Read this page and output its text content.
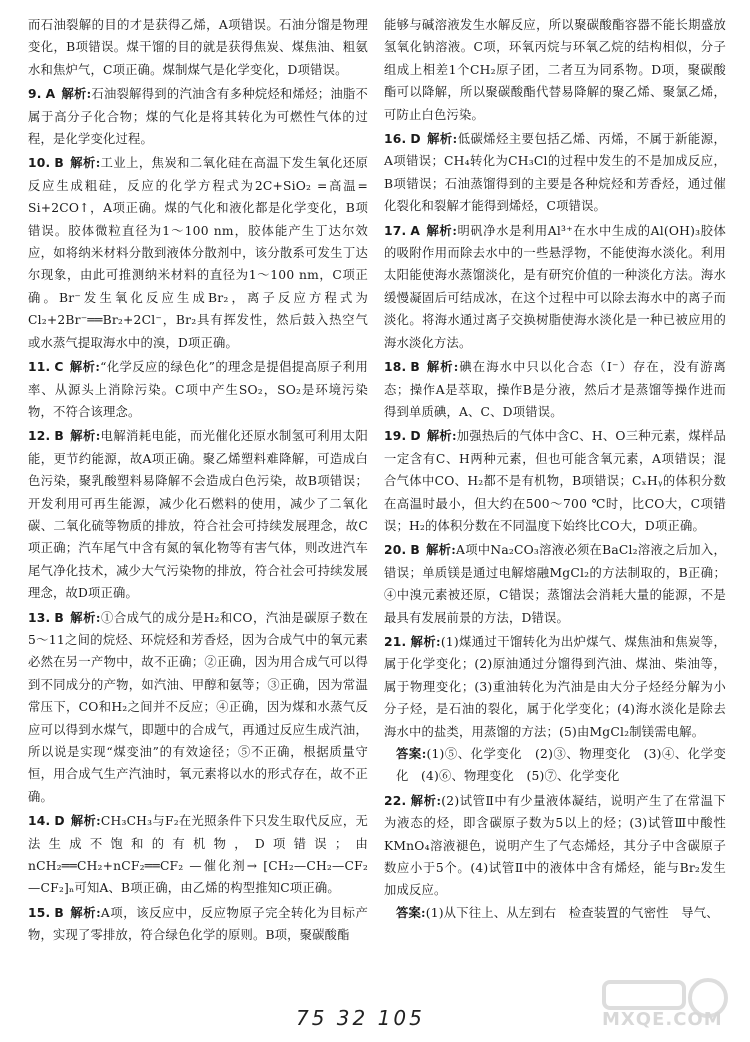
而石油裂解的目的才是获得乙烯，A项错误。石油分馏是物理变化，B项错误。煤干馏的目的就是获得焦炭、煤焦油、粗氨水和焦炉气，C项正确。煤制煤气是化学变化，D项错误。
9. A 解析:石油裂解得到的汽油含有多种烷烃和烯烃；油脂不属于高分子化合物；煤的气化是将其转化为可燃性气体的过程，是化学变化过程。
10. B 解析:工业上，焦炭和二氧化硅在高温下发生氧化还原反应生成粗硅，反应的化学方程式为2C+SiO₂ =高温= Si+2CO↑，A项正确。煤的气化和液化都是化学变化，B项错误。胶体微粒直径为1～100 nm，胶体能产生丁达尔效应，如将纳米材料分散到液体分散剂中，该分散系可发生丁达尔现象，由此可推测纳米材料的直径为1～100 nm，C项正确。Br⁻发生氧化反应生成Br₂，离子反应方程式为Cl₂+2Br⁻══Br₂+2Cl⁻，Br₂具有挥发性，然后鼓入热空气或水蒸气提取海水中的溴，D项正确。
11. C 解析:“化学反应的绿色化”的理念是提倡提高原子利用率、从源头上消除污染。C项中产生SO₂，SO₂是环境污染物，不符合该理念。
12. B 解析:电解消耗电能，而光催化还原水制氢可利用太阳能，更节约能源，故A项正确。聚乙烯塑料难降解，可造成白色污染，聚乳酸塑料易降解不会造成白色污染，故B项错误；开发利用可再生能源，减少化石燃料的使用，减少了二氧化碳、二氧化硫等物质的排放，符合社会可持续发展理念，故C项正确；汽车尾气中含有氮的氧化物等有害气体，则改进汽车尾气净化技术，减少大气污染物的排放，符合社会可持续发展理念，故D项正确。
13. B 解析:①合成气的成分是H₂和CO，汽油是碳原子数在5～11之间的烷烃、环烷烃和芳香烃，因为合成气中的氧元素必然在另一产物中，故不正确；②正确，因为用合成气可以得到不同成分的产物，如汽油、甲醇和氨等；③正确，因为常温常压下，CO和H₂之间并不反应；④正确，因为煤和水蒸气反应可以得到水煤气，即题中的合成气，再通过反应生成汽油，所以说是实现“煤变油”的有效途径；⑤不正确，根据质量守恒，用合成气生产汽油时，氧元素将以水的形式存在，故不正确。
14. D 解析:CH₃CH₃与F₂在光照条件下只发生取代反应，无法生成不饱和的有机物，D项错误；由nCH₂══CH₂+nCF₂══CF₂ —催化剂→ [CH₂—CH₂—CF₂—CF₂]ₙ可知A、B项正确，由乙烯的构型推知C项正确。
15. B 解析:A项，该反应中，反应物原子完全转化为目标产物，实现了零排放，符合绿色化学的原则。B项，聚碳酸酯
能够与碱溶液发生水解反应，所以聚碳酸酯容器不能长期盛放氢氧化钠溶液。C项，环氧丙烷与环氧乙烷的结构相似，分子组成上相差1个CH₂原子团，二者互为同系物。D项，聚碳酸酯可以降解，所以聚碳酸酯代替易降解的聚乙烯、聚氯乙烯，可防止白色污染。
16. D 解析:低碳烯烃主要包括乙烯、丙烯，不属于新能源，A项错误；CH₄转化为CH₃Cl的过程中发生的不是加成反应，B项错误；石油蒸馏得到的主要是各种烷烃和芳香烃，通过催化裂化和裂解才能得到烯烃，C项错误。
17. A 解析:明矾净水是利用Al³⁺在水中生成的Al(OH)₃胶体的吸附作用而除去水中的一些悬浮物，不能使海水淡化。利用太阳能使海水蒸馏淡化，是有研究价值的一种淡化方法。海水缓慢凝固后可结成冰，在这个过程中可以除去海水中的离子而淡化。将海水通过离子交换树脂使海水淡化是一种已被应用的海水淡化方法。
18. B 解析:碘在海水中只以化合态（I⁻）存在，没有游离态；操作A是萃取，操作B是分液，然后才是蒸馏等操作进而得到单质碘，A、C、D项错误。
19. D 解析:加强热后的气体中含C、H、O三种元素，煤样品一定含有C、H两种元素，但也可能含氧元素，A项错误；混合气体中CO、H₂都不是有机物，B项错误；CₓHᵧ的体积分数在高温时最小，但大约在500～700 ℃时，比CO大，C项错误；H₂的体积分数在不同温度下始终比CO大，D项正确。
20. B 解析:A项中Na₂CO₃溶液必须在BaCl₂溶液之后加入，错误；单质镁是通过电解熔融MgCl₂的方法制取的，B正确；④中溴元素被还原，C错误；蒸馏法会消耗大量的能源，不是最具有发展前景的方法，D错误。
21. 解析:(1)煤通过干馏转化为出炉煤气、煤焦油和焦炭等，属于化学变化；(2)原油通过分馏得到汽油、煤油、柴油等，属于物理变化；(3)重油转化为汽油是由大分子烃经分解为小分子烃，是石油的裂化，属于化学变化；(4)海水淡化是除去海水中的盐类，用蒸馏的方法；(5)由MgCl₂制镁需电解。
答案:(1)⑤、化学变化　(2)③、物理变化　(3)④、化学变化　(4)⑥、物理变化　(5)⑦、化学变化
22. 解析:(2)试管Ⅱ中有少量液体凝结，说明产生了在常温下为液态的烃，即含碳原子数为5以上的烃；(3)试管Ⅲ中酸性KMnO₄溶液褪色，说明产生了气态烯烃，其分子中含碳原子数应小于5个。(4)试管Ⅱ中的液体中含有烯烃，能与Br₂发生加成反应。
答案:(1)从下往上、从左到右　检查装置的气密性　导气、
75 32 105	MXQE.COM
